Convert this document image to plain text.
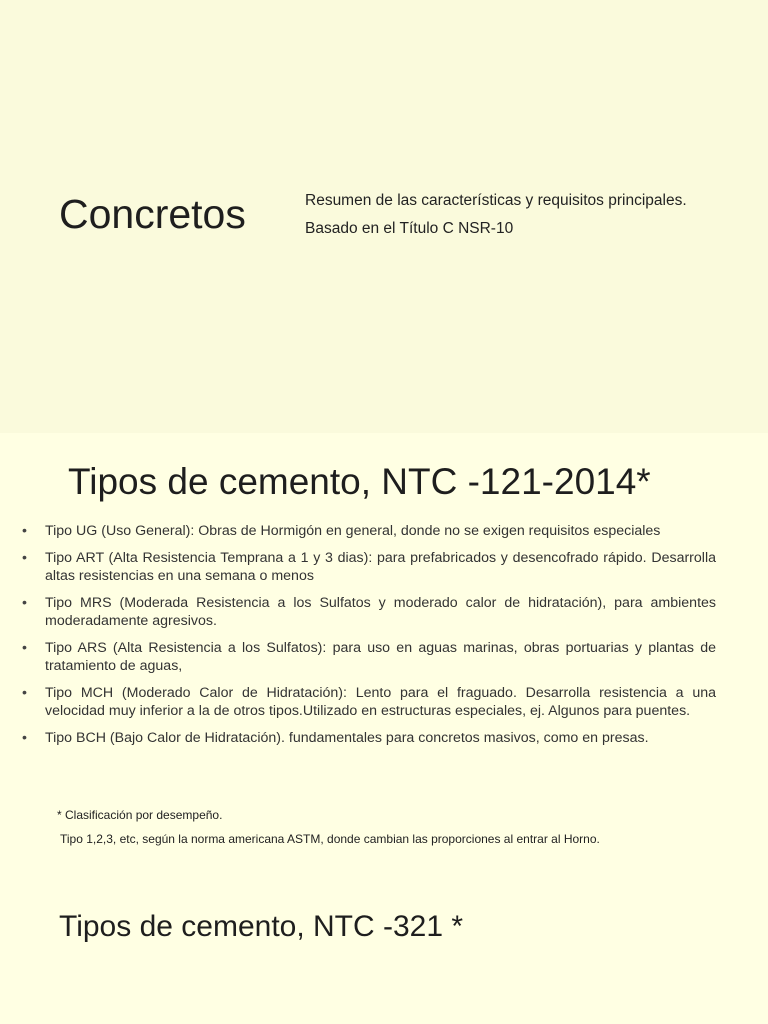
Concretos	Resumen de las características y requisitos principales.

Basado en el Título C NSR-10

Tipos de cemento, NTC -121-2014*
• Tipo UG (Uso General): Obras de Hormigón en general, donde no se exigen requisitos especiales
• Tipo ART (Alta Resistencia Temprana a 1 y 3 dias): para prefabricados y desencofrado rápido. Desarrolla altas resistencias en una semana o menos
• Tipo MRS (Moderada Resistencia a los Sulfatos y moderado calor de hidratación), para ambientes moderadamente agresivos.
• Tipo ARS (Alta Resistencia a los Sulfatos): para uso en aguas marinas, obras portuarias y plantas de tratamiento de aguas,
• Tipo MCH (Moderado Calor de Hidratación): Lento para el fraguado. Desarrolla resistencia a una velocidad muy inferior a la de otros tipos.Utilizado en estructuras especiales, ej. Algunos para puentes.
• Tipo BCH (Bajo Calor de Hidratación). fundamentales para concretos masivos, como en presas.
* Clasificación por desempeño.
Tipo 1,2,3, etc, según la norma americana ASTM, donde cambian las proporciones al entrar al Horno.
Tipos de cemento, NTC -321 *
